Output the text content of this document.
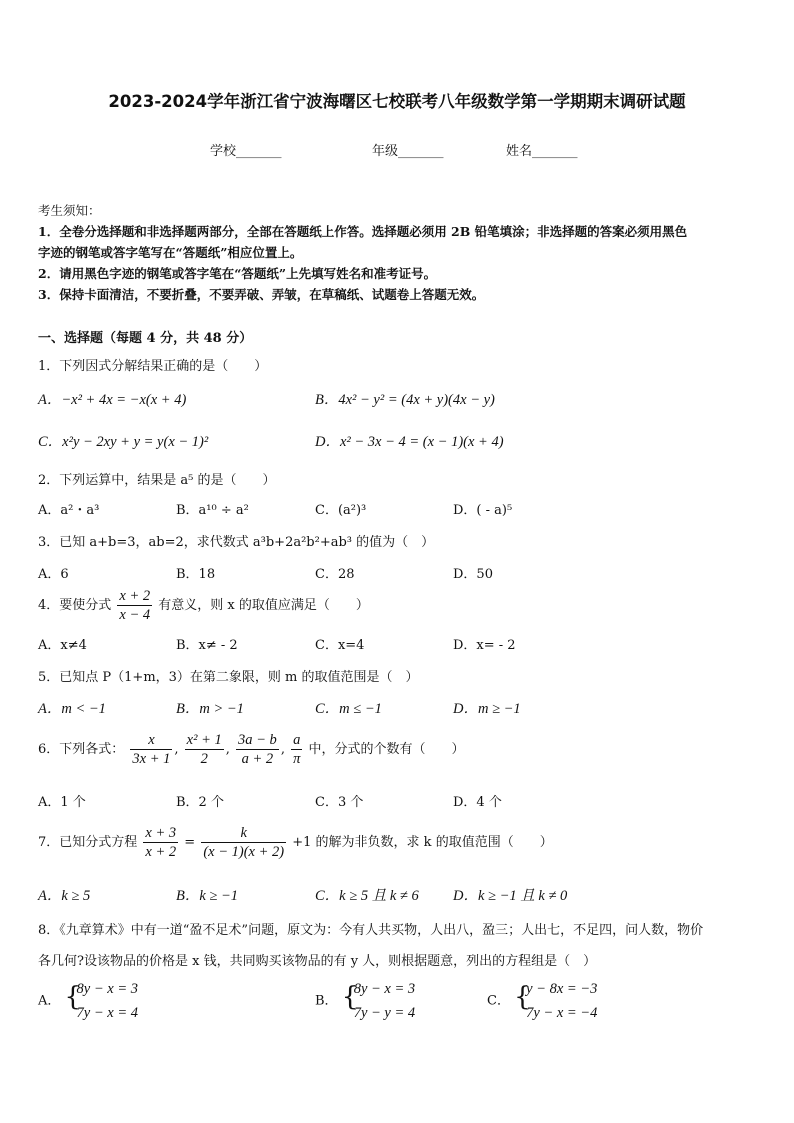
2023-2024学年浙江省宁波海曙区七校联考八年级数学第一学期期末调研试题
学校_______	年级_______	姓名_______
考生须知：
1．全卷分选择题和非选择题两部分，全部在答题纸上作答。选择题必须用 2B 铅笔填涂；非选择题的答案必须用黑色
字迹的钢笔或答字笔写在“答题纸”相应位置上。
2．请用黑色字迹的钢笔或答字笔在“答题纸”上先填写姓名和准考证号。
3．保持卡面清洁，不要折叠，不要弄破、弄皱，在草稿纸、试题卷上答题无效。
一、选择题（每题 4 分，共 48 分）
1．下列因式分解结果正确的是（　　）
A．−x² + 4x = −x(x + 4)	B．4x² − y² = (4x + y)(4x − y)
C．x²y − 2xy + y = y(x − 1)²	D．x² − 3x − 4 = (x − 1)(x + 4)
2．下列运算中，结果是 a⁵ 的是（　　）
A．a²・a³	B．a¹⁰ ÷ a²	C．(a²)³	D．( - a)⁵
3．已知 a+b=3，ab=2，求代数式 a³b+2a²b²+ab³ 的值为（　）
A．6	B．18	C．28	D．50
4．要使分式 $\frac{x + 2}{x - 4}$ 有意义，则 x 的取值应满足（　　）
A．x≠4	B．x≠ - 2	C．x=4	D．x= - 2
5．已知点 P（1+m，3）在第二象限，则 m 的取值范围是（　）
A．m < −1	B．m > −1	C．m ≤ −1	D．m ≥ −1
6．下列各式： $\frac{x}{3x + 1}$ , $\frac{\text{x² + 1}}{2}$ , $\frac{3a - b}{a + 2}$ , $\frac{a}{\pi}$ 中，分式的个数有（　　）
A．1 个	B．2 个	C．3 个	D．4 个
7．已知分式方程 $\frac{x + 3}{x + 2} = \frac{k}{(x - 1)(x + 2)} +1$ 的解为非负数，求 k 的取值范围（　　）
A．k ≥ 5	B．k ≥ −1	C．k ≥ 5 且 k ≠ 6 D．k ≥ −1 且 k ≠ 0
8．《九章算术》中有一道“盈不足术”问题，原文为：今有人共买物，人出八，盈三；人出七，不足四，问人数，物价
各几何?设该物品的价格是 x 钱，共同购买该物品的有 y 人，则根据题意，列出的方程组是（　）
A．
{ 8y − x = 3
7y − x = 4
B．
{ 8y − x = 3
7y − y = 4
C．
{ y − 8x = −3
7y − x = −4
